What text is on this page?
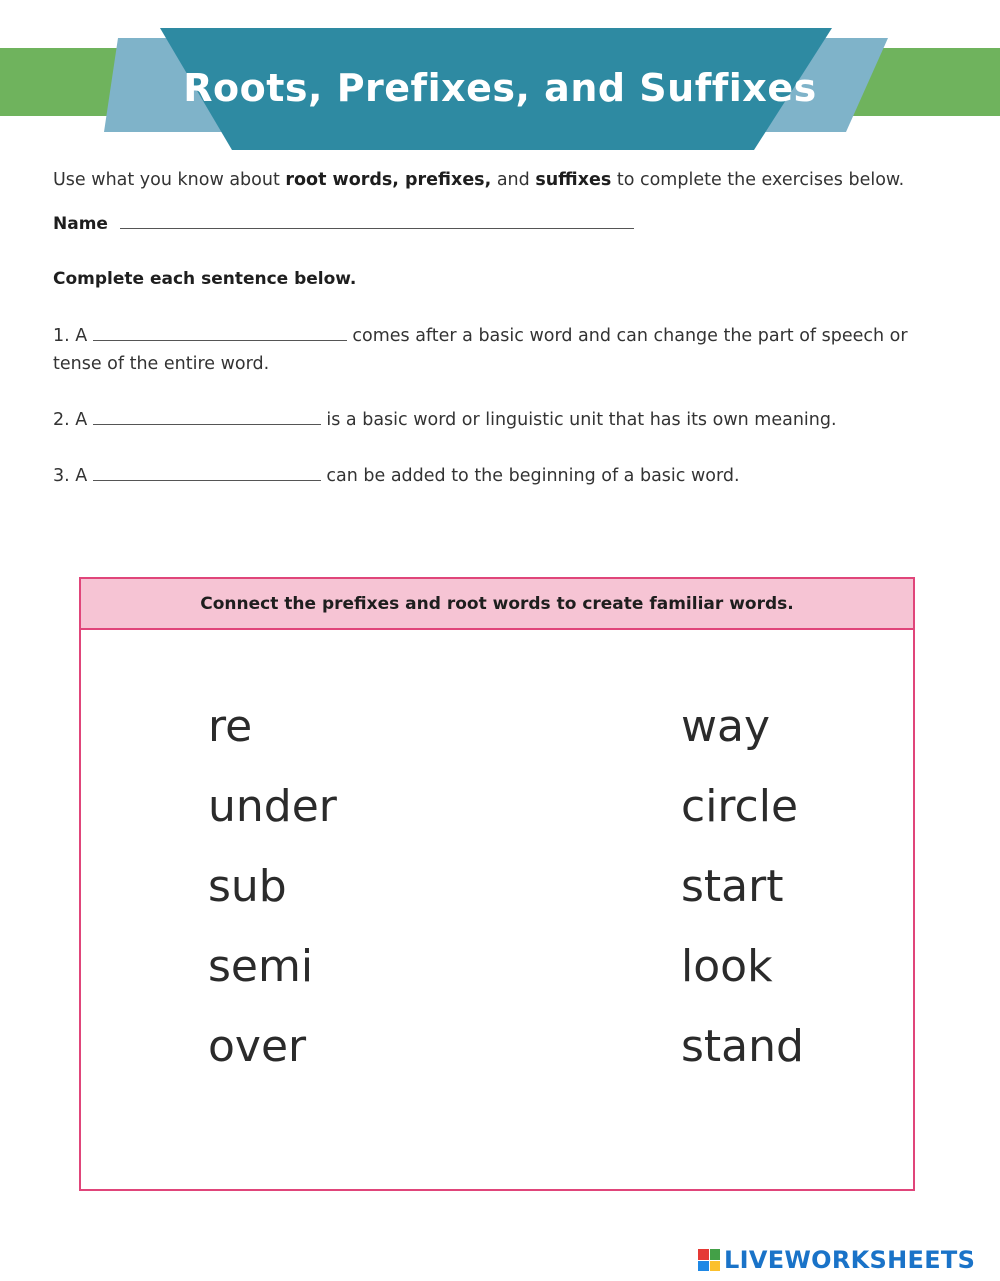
Roots, Prefixes, and Suffixes
Use what you know about root words, prefixes, and suffixes to complete the exercises below.
Name
Complete each sentence below.
1. A	comes after a basic word and can change the part of speech or tense of the entire word.
2. A	is a basic word or linguistic unit that has its own meaning.
3. A	can be added to the beginning of a basic word.
Connect the prefixes and root words to create familiar words.
re
under
sub
semi
over
way
circle
start
look
stand
LIVEWORKSHEETS
